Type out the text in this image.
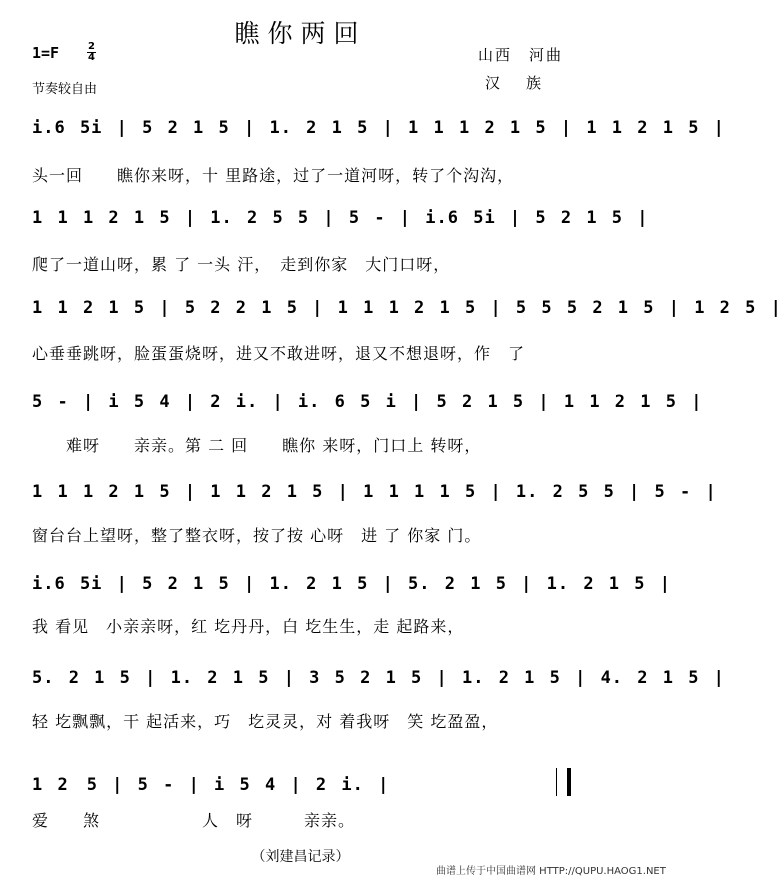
瞧你两回
1=F	2
4
节奏较自由
山西　河曲
汉族
i.6 5i | 5 2 1 5 | 1. 2 1 5 | 1 1 1 2 1 5 | 1 1 2 1 5 |
头一回　　瞧你来呀，十 里路途，过了一道河呀，转了个沟沟，
1 1 1 2 1 5 | 1. 2 5 5 | 5 - | i.6 5i | 5 2 1 5 |
爬了一道山呀，累 了 一头 汗，　走到你家　大门口呀，
1 1 2 1 5 | 5 2 2 1 5 | 1 1 1 2 1 5 | 5 5 5 2 1 5 | 1 2 5 |
心垂垂跳呀，脸蛋蛋烧呀，进又不敢进呀，退又不想退呀，作　了
5 - | i 5 4 | 2 i. | i. 6 5 i | 5 2 1 5 | 1 1 2 1 5 |
　　难呀　　亲亲。第 二 回　　瞧你 来呀，门口上 转呀，
1 1 1 2 1 5 | 1 1 2 1 5 | 1 1 1 1 5 | 1. 2 5 5 | 5 - |
窗台台上望呀，整了整衣呀，按了按 心呀　进 了 你家 门。
i.6 5i | 5 2 1 5 | 1. 2 1 5 | 5. 2 1 5 | 1. 2 1 5 |
我 看见　小亲亲呀，红 圪丹丹，白 圪生生，走 起路来，
5. 2 1 5 | 1. 2 1 5 | 3 5 2 1 5 | 1. 2 1 5 | 4. 2 1 5 |
轻 圪飘飘，干 起活来，巧　圪灵灵，对 着我呀　笑 圪盈盈，
1 2　5 | 5 - | i 5 4 | 2 i. |
爱　　煞　　　　　　人　呀　　　亲亲。
（刘建昌记录）
曲谱上传于中国曲谱网 HTTP://QUPU.HAOG1.NET
